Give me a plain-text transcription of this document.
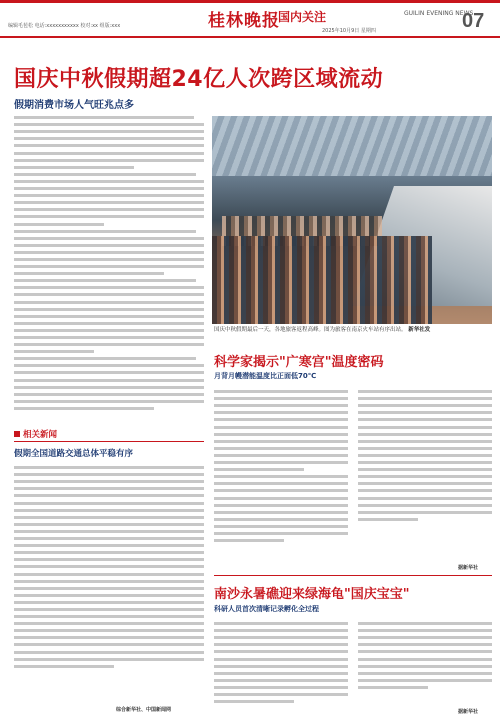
编辑毛苞松 电话:xxxxxxxxxxx 校对:xx 组版:xxx	桂林晚报
国内关注	GUILIN EVENING NEWS
2025年10月9日 星期四	07
国庆中秋假期超24亿人次跨区域流动
假期消费市场人气旺兆点多
国庆中秋假期最后一天，各地旅客返程高峰。图为旅客在南京火车站有序出站。 新华社发
科学家揭示"广寒宫"温度密码
月背月幔潜能温度比正面低70℃
据新华社
相关新闻
假期全国道路交通总体平稳有序
综合新华社、中国新闻网
南沙永暑礁迎来绿海龟"国庆宝宝"
科研人员首次清晰记录孵化全过程
据新华社
